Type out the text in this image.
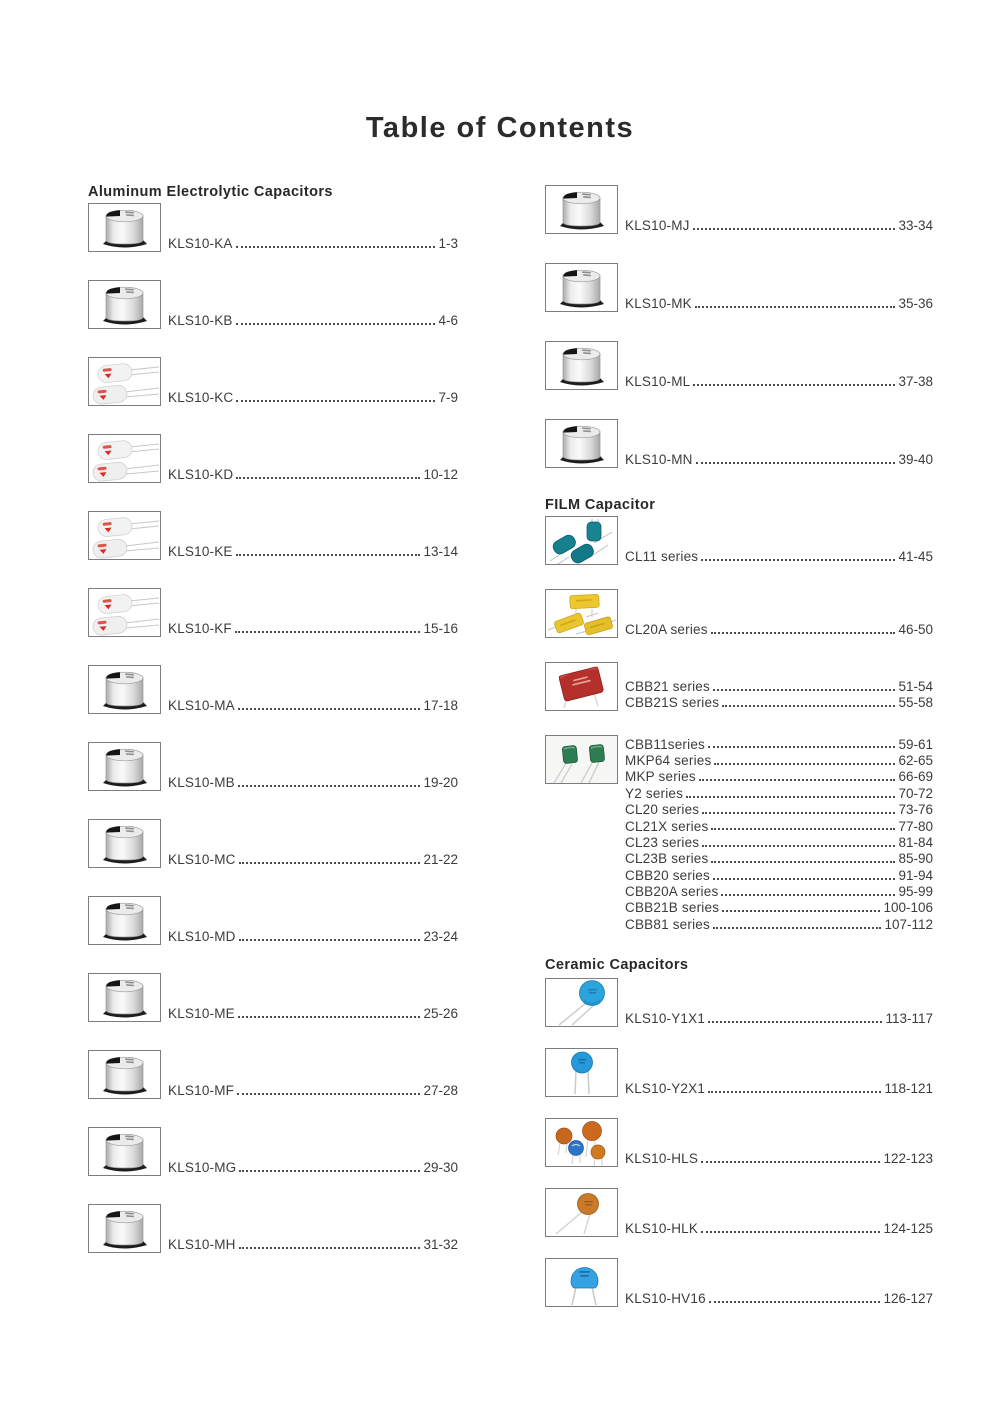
Table of Contents
Aluminum Electrolytic Capacitors
KLS10-KA	1-3
KLS10-KB	4-6
KLS10-KC	7-9
KLS10-KD	10-12
KLS10-KE	13-14
KLS10-KF	15-16
KLS10-MA	17-18
KLS10-MB	19-20
KLS10-MC	21-22
KLS10-MD	23-24
KLS10-ME	25-26
KLS10-MF	27-28
KLS10-MG	29-30
KLS10-MH	31-32
KLS10-MJ	33-34
KLS10-MK	35-36
KLS10-ML	37-38
KLS10-MN	39-40
FILM Capacitor
CL11 series	41-45
CL20A series	46-50
CBB21 series	51-54
CBB21S series	55-58
CBB11series	59-61
MKP64 series	62-65
MKP series	66-69
Y2 series	70-72
CL20 series	73-76
CL21X series	77-80
CL23 series	81-84
CL23B series	85-90
CBB20 series	91-94
CBB20A series	95-99
CBB21B series	100-106
CBB81 series	107-112
Ceramic Capacitors
KLS10-Y1X1	113-117
KLS10-Y2X1	118-121
KLS10-HLS	122-123
KLS10-HLK	124-125
KLS10-HV16	126-127
